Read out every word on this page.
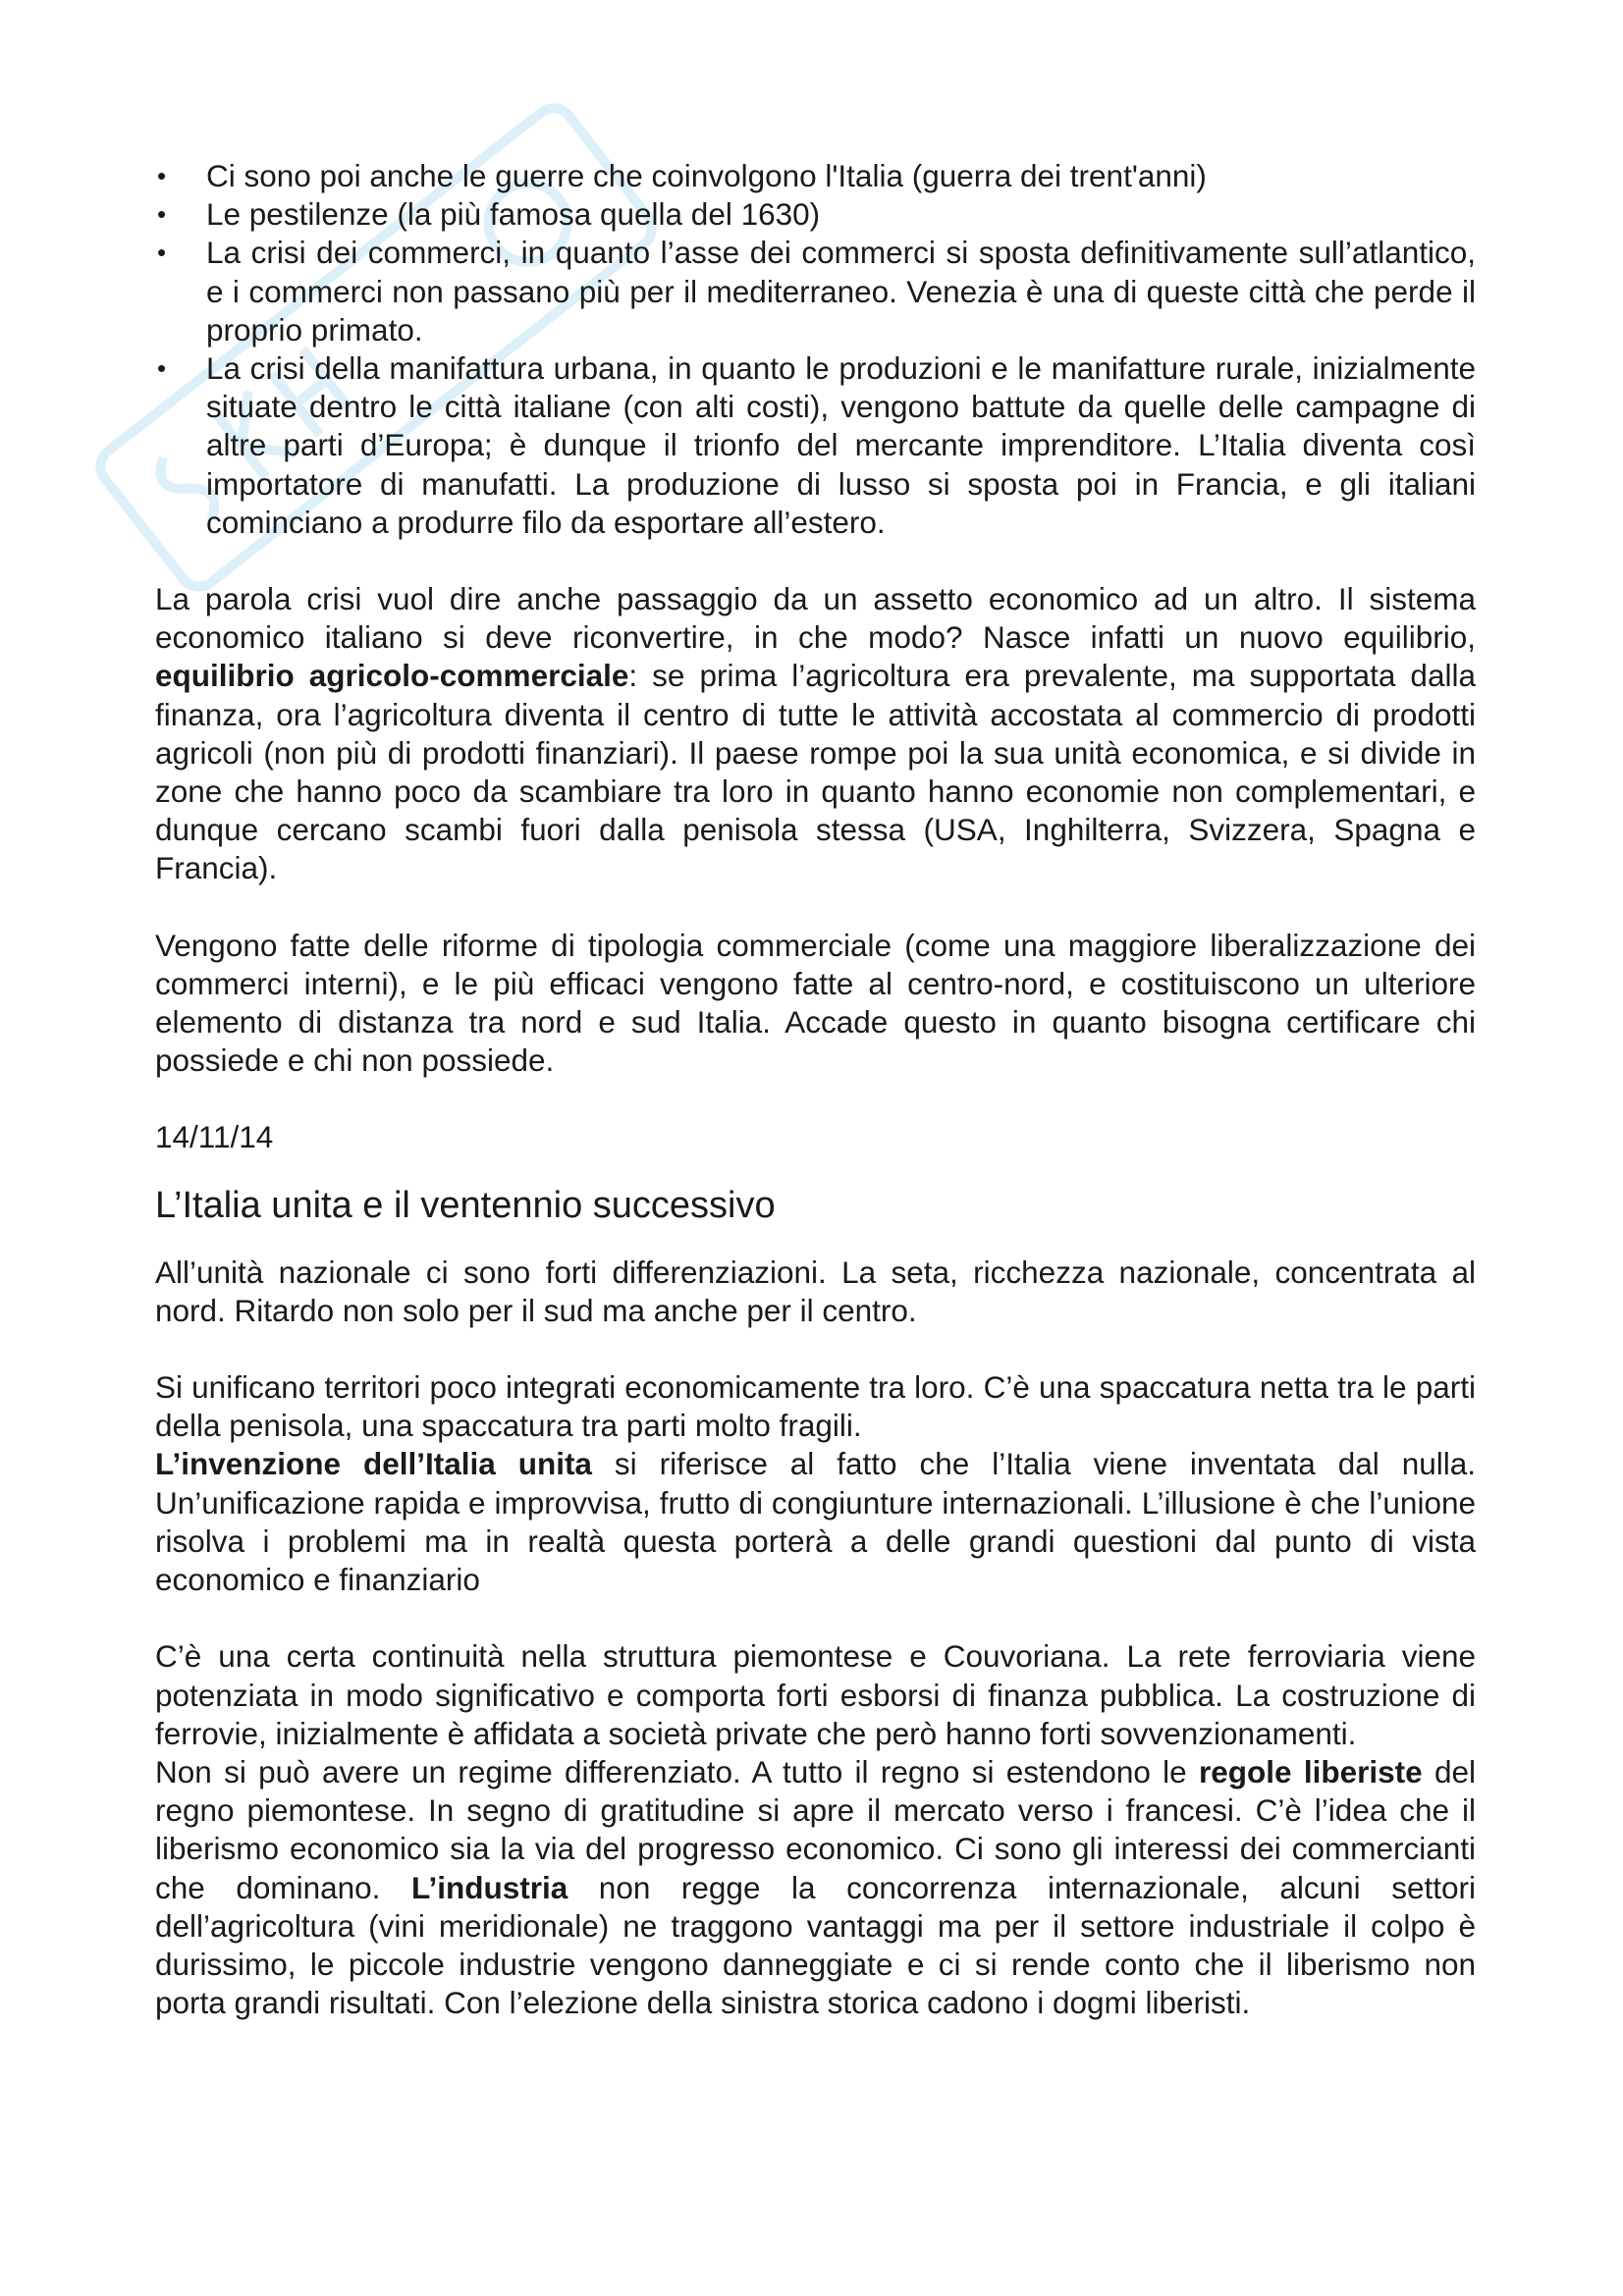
• Ci sono poi anche le guerre che coinvolgono l'Italia (guerra dei trent'anni)
• Le pestilenze (la più famosa quella del 1630)
• La crisi dei commerci, in quanto l’asse dei commerci si sposta definitivamente sull’atlantico, e i commerci non passano più per il mediterraneo. Venezia è una di queste città che perde il proprio primato.
• La crisi della manifattura urbana, in quanto le produzioni e le manifatture rurale, inizialmente situate dentro le città italiane (con alti costi), vengono battute da quelle delle campagne di altre parti d’Europa; è dunque il trionfo del mercante imprenditore. L’Italia diventa così importatore di manufatti. La produzione di lusso si sposta poi in Francia, e gli italiani cominciano a produrre filo da esportare all’estero.

La parola crisi vuol dire anche passaggio da un assetto economico ad un altro. Il sistema economico italiano si deve riconvertire, in che modo? Nasce infatti un nuovo equilibrio, equilibrio agricolo-commerciale: se prima l’agricoltura era prevalente, ma supportata dalla finanza, ora l’agricoltura diventa il centro di tutte le attività accostata al commercio di prodotti agricoli (non più di prodotti finanziari). Il paese rompe poi la sua unità economica, e si divide in zone che hanno poco da scambiare tra loro in quanto hanno economie non complementari, e dunque cercano scambi fuori dalla penisola stessa (USA, Inghilterra, Svizzera, Spagna e Francia).

Vengono fatte delle riforme di tipologia commerciale (come una maggiore liberalizzazione dei commerci interni), e le più efficaci vengono fatte al centro-nord, e costituiscono un ulteriore elemento di distanza tra nord e sud Italia. Accade questo in quanto bisogna certificare chi possiede e chi non possiede.

14/11/14

L’Italia unita e il ventennio successivo

All’unità nazionale ci sono forti differenziazioni. La seta, ricchezza nazionale, concentrata al nord. Ritardo non solo per il sud ma anche per il centro.

Si unificano territori poco integrati economicamente tra loro. C’è una spaccatura netta tra le parti della penisola, una spaccatura tra parti molto fragili.

L’invenzione dell’Italia unita si riferisce al fatto che l’Italia viene inventata dal nulla. Un’unificazione rapida e improvvisa, frutto di congiunture internazionali. L’illusione è che l’unione risolva i problemi ma in realtà questa porterà a delle grandi questioni dal punto di vista economico e finanziario

C’è una certa continuità nella struttura piemontese e Couvoriana. La rete ferroviaria viene potenziata in modo significativo e comporta forti esborsi di finanza pubblica. La costruzione di ferrovie, inizialmente è affidata a società private che però hanno forti sovvenzionamenti.

Non si può avere un regime differenziato. A tutto il regno si estendono le regole liberiste del regno piemontese. In segno di gratitudine si apre il mercato verso i francesi. C’è l’idea che il liberismo economico sia la via del progresso economico. Ci sono gli interessi dei commercianti che dominano. L’industria non regge la concorrenza internazionale, alcuni settori dell’agricoltura (vini meridionale) ne traggono vantaggi ma per il settore industriale il colpo è durissimo, le piccole industrie vengono danneggiate e ci si rende conto che il liberismo non porta grandi risultati. Con l’elezione della sinistra storica cadono i dogmi liberisti.
